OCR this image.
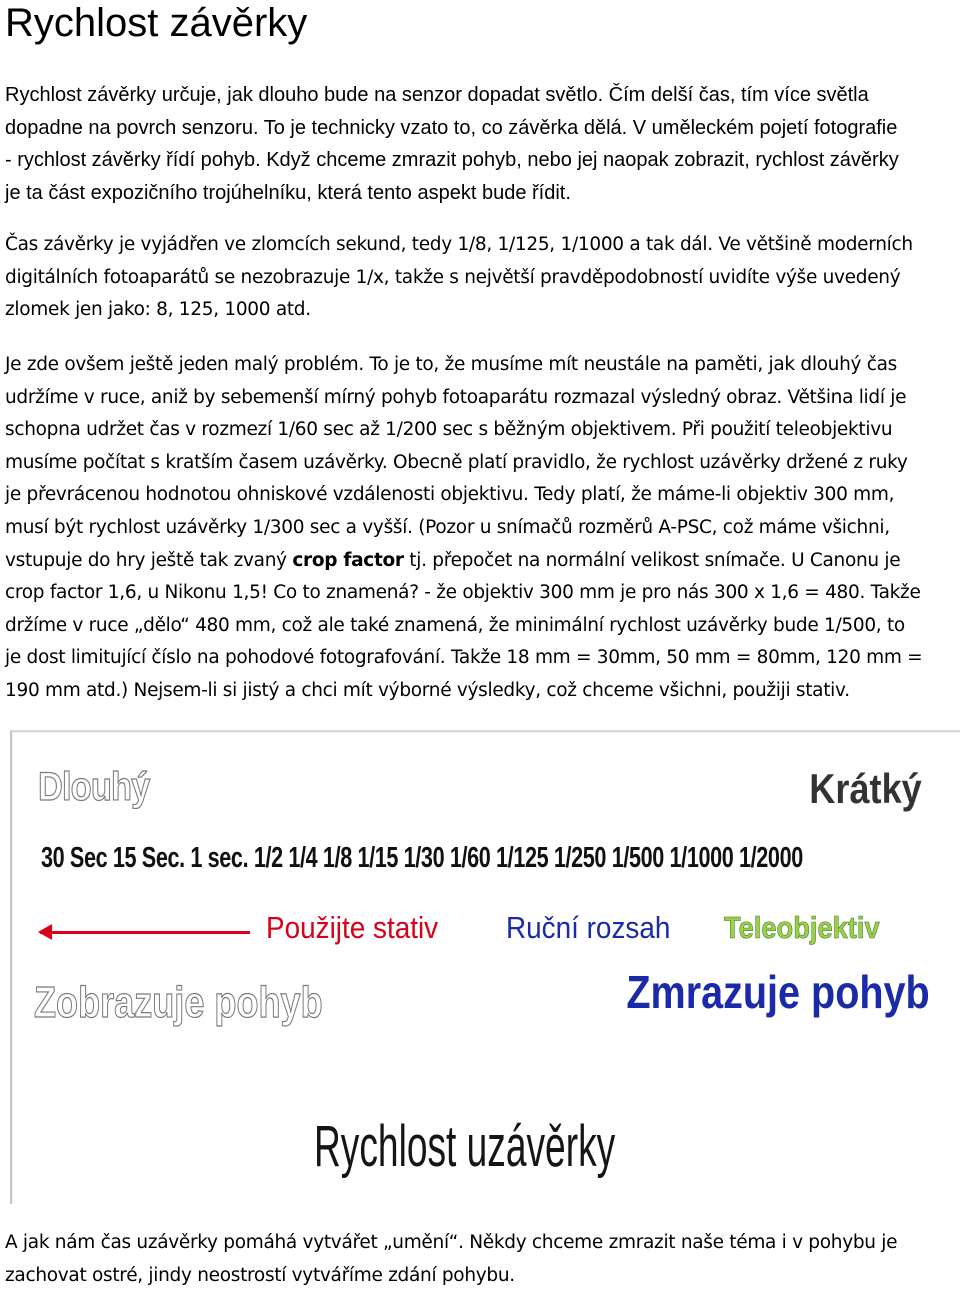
Rychlost závěrky
Rychlost závěrky určuje, jak dlouho bude na senzor dopadat světlo. Čím delší čas, tím více světla
dopadne na povrch senzoru. To je technicky vzato to, co závěrka dělá. V uměleckém pojetí fotografie
- rychlost závěrky řídí pohyb. Když chceme zmrazit pohyb, nebo jej naopak zobrazit, rychlost závěrky
je ta část expozičního trojúhelníku, která tento aspekt bude řídit.
Čas závěrky je vyjádřen ve zlomcích sekund, tedy 1/8, 1/125, 1/1000 a tak dál. Ve většině moderních
digitálních fotoaparátů se nezobrazuje 1/x, takže s největší pravděpodobností uvidíte výše uvedený
zlomek jen jako: 8, 125, 1000 atd.
Je zde ovšem ještě jeden malý problém. To je to, že musíme mít neustále na paměti, jak dlouhý čas
udržíme v ruce, aniž by sebemenší mírný pohyb fotoaparátu rozmazal výsledný obraz. Většina lidí je
schopna udržet čas v rozmezí 1/60 sec až 1/200 sec s běžným objektivem. Při použití teleobjektivu
musíme počítat s kratším časem uzávěrky. Obecně platí pravidlo, že rychlost uzávěrky držené z ruky
je převrácenou hodnotou ohniskové vzdálenosti objektivu. Tedy platí, že máme-li objektiv 300 mm,
musí být rychlost uzávěrky 1/300 sec a vyšší. (Pozor u snímačů rozměrů A-PSC, což máme všichni,
vstupuje do hry ještě tak zvaný crop factor tj. přepočet na normální velikost snímače. U Canonu je
crop factor 1,6, u Nikonu 1,5! Co to znamená? - že objektiv 300 mm je pro nás 300 x 1,6 = 480. Takže
držíme v ruce „dělo“ 480 mm, což ale také znamená, že minimální rychlost uzávěrky bude 1/500, to
je dost limitující číslo na pohodové fotografování. Takže 18 mm = 30mm, 50 mm = 80mm, 120 mm =
190 mm atd.) Nejsem-li si jistý a chci mít výborné výsledky, což chceme všichni, použiji stativ.
Dlouhý	Krátký
30 Sec 15 Sec. 1 sec. 1/2 1/4 1/8 1/15 1/30 1/60 1/125 1/250 1/500 1/1000 1/2000
Použijte stativ Ruční rozsah Teleobjektiv
Zobrazuje pohyb	Zmrazuje pohyb
Rychlost uzávěrky
A jak nám čas uzávěrky pomáhá vytvářet „umění“. Někdy chceme zmrazit naše téma i v pohybu je
zachovat ostré, jindy neostrostí vytváříme zdání pohybu.
